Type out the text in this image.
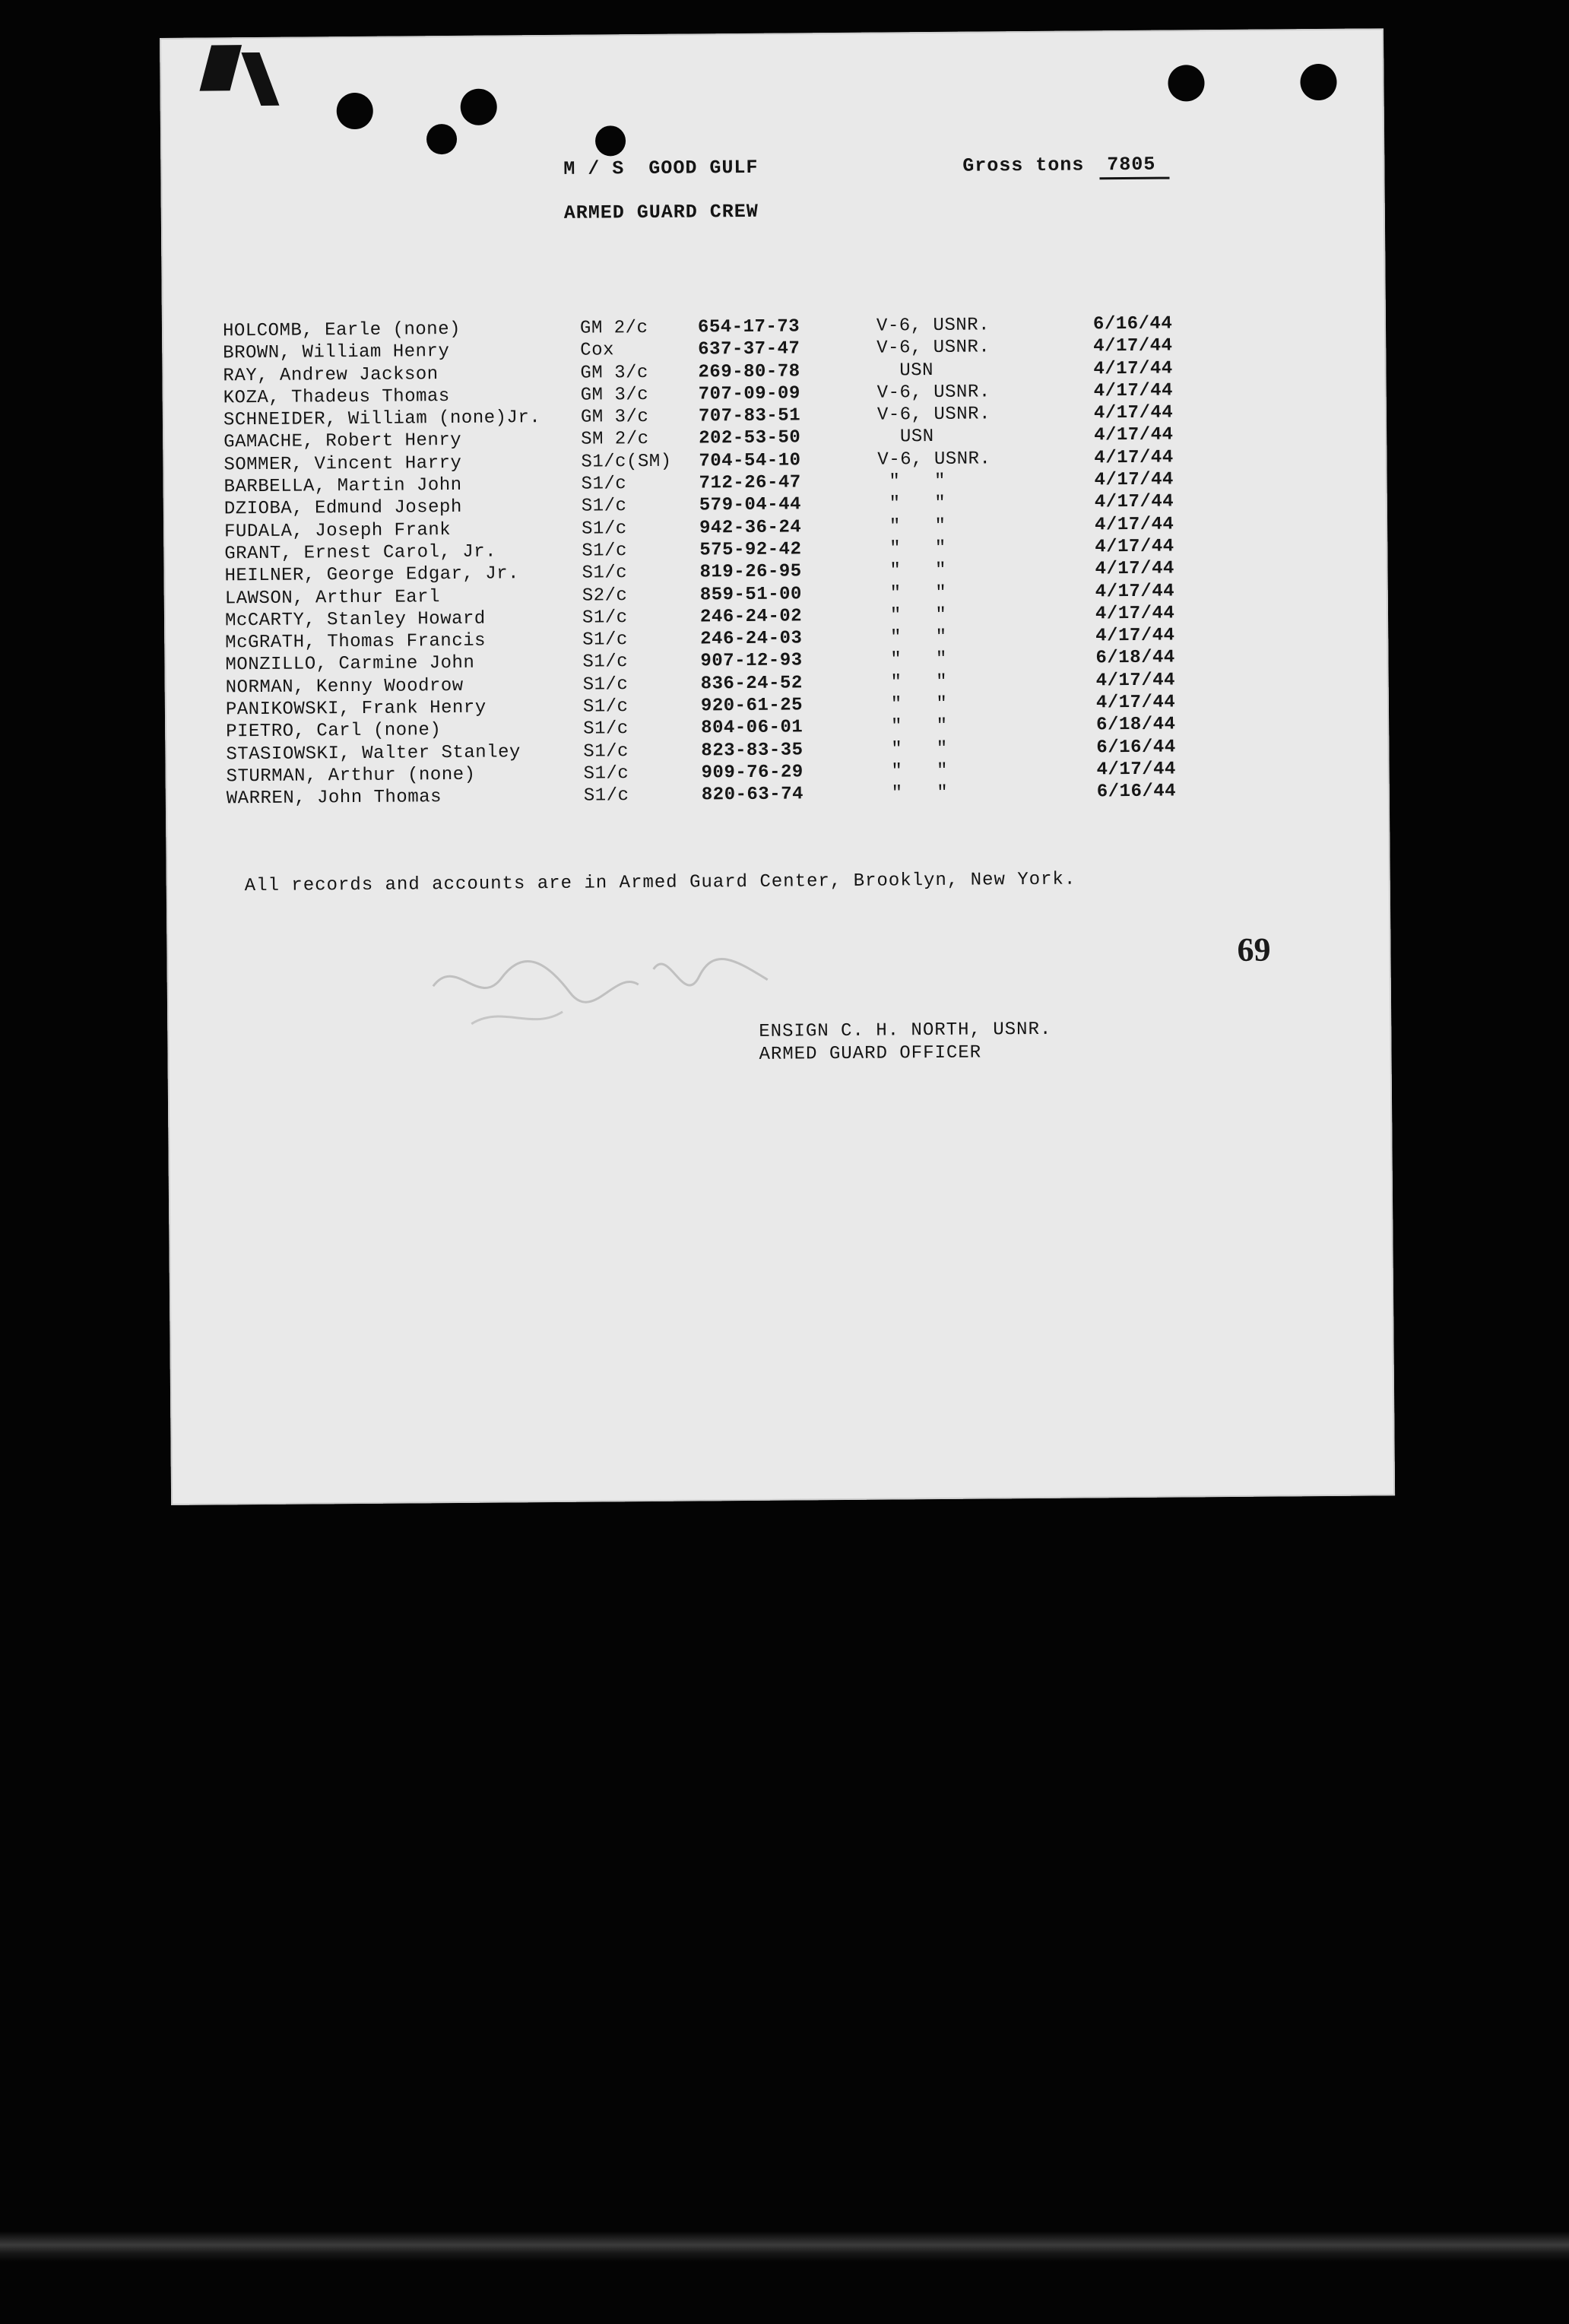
M / S  GOOD GULF	Gross tons	7805
ARMED GUARD CREW
HOLCOMB, Earle (none)	GM 2/c	654-17-73	V-6, USNR.	6/16/44
BROWN, William Henry	Cox	637-37-47	V-6, USNR.	4/17/44
RAY, Andrew Jackson	GM 3/c	269-80-78	USN	4/17/44
KOZA, Thadeus Thomas	GM 3/c	707-09-09	V-6, USNR.	4/17/44
SCHNEIDER, William (none)Jr. GM 3/c	707-83-51	V-6, USNR.	4/17/44
GAMACHE, Robert Henry	SM 2/c	202-53-50	USN	4/17/44
SOMMER, Vincent Harry	S1/c(SM) 704-54-10	V-6, USNR.	4/17/44
BARBELLA, Martin John	S1/c	712-26-47	"   "	4/17/44
DZIOBA, Edmund Joseph	S1/c	579-04-44	"   "	4/17/44
FUDALA, Joseph Frank	S1/c	942-36-24	"   "	4/17/44
GRANT, Ernest Carol, Jr.	S1/c	575-92-42	"   "	4/17/44
HEILNER, George Edgar, Jr.	S1/c	819-26-95	"   "	4/17/44
LAWSON, Arthur Earl	S2/c	859-51-00	"   "	4/17/44
McCARTY, Stanley Howard	S1/c	246-24-02	"   "	4/17/44
McGRATH, Thomas Francis	S1/c	246-24-03	"   "	4/17/44
MONZILLO, Carmine John	S1/c	907-12-93	"   "	6/18/44
NORMAN, Kenny Woodrow	S1/c	836-24-52	"   "	4/17/44
PANIKOWSKI, Frank Henry	S1/c	920-61-25	"   "	4/17/44
PIETRO, Carl (none)	S1/c	804-06-01	"   "	6/18/44
STASIOWSKI, Walter Stanley	S1/c	823-83-35	"   "	6/16/44
STURMAN, Arthur (none)	S1/c	909-76-29	"   "	4/17/44
WARREN, John Thomas	S1/c	820-63-74	"   "	6/16/44
All records and accounts are in Armed Guard Center, Brooklyn, New York.
69
ENSIGN C. H. NORTH, USNR.
ARMED GUARD OFFICER
